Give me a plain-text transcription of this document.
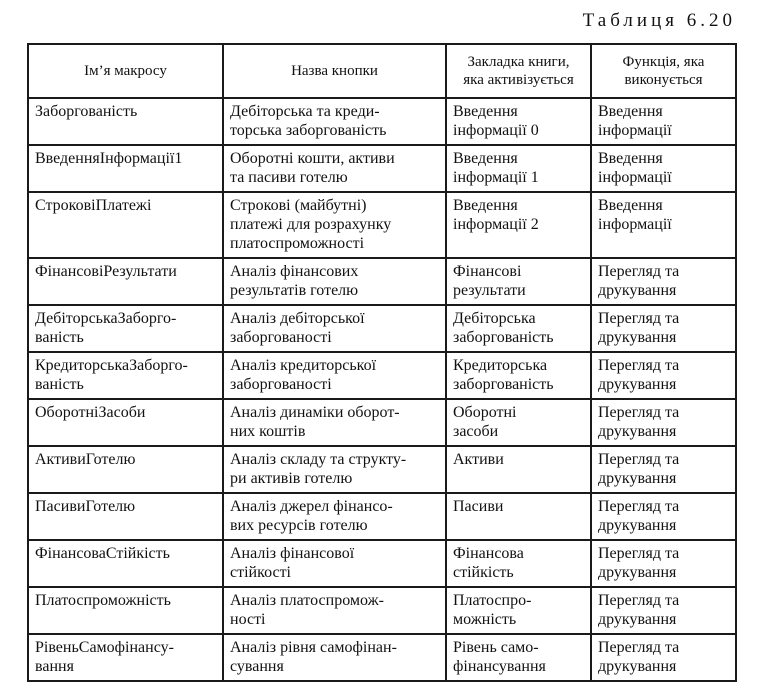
Таблиця 6.20
Ім’я макросу	Назва кнопки	Закладка книги,
яка активізується	Функція, яка
виконується

Заборгованість	Дебіторська та креди-
торська заборгованість	Введення
інформації 0	Введення
інформації

ВведенняІнформації1	Оборотні кошти, активи
та пасиви готелю	Введення
інформації 1	Введення
інформації

СтроковіПлатежі	Строкові (майбутні)
платежі для розрахунку
платоспроможності	Введення
інформації 2	Введення
інформації

ФінансовіРезультати	Аналіз фінансових
результатів готелю	Фінансові
результати	Перегляд та
друкування

ДебіторськаЗаборго-
ваність	Аналіз дебіторської
заборгованості	Дебіторська
заборгованість	Перегляд та
друкування

КредиторськаЗаборго-
ваність	Аналіз кредиторської
заборгованості	Кредиторська
заборгованість	Перегляд та
друкування

ОборотніЗасоби	Аналіз динаміки оборот-
них коштів	Оборотні
засоби	Перегляд та
друкування

АктивиГотелю	Аналіз складу та структу-
ри активів готелю	Активи	Перегляд та
друкування

ПасивиГотелю	Аналіз джерел фінансо-
вих ресурсів готелю	Пасиви	Перегляд та
друкування

ФінансоваСтійкість	Аналіз фінансової
стійкості	Фінансова
стійкість	Перегляд та
друкування

Платоспроможність	Аналіз платоспромож-
ності	Платоспро-
можність	Перегляд та
друкування

РівеньСамофінансу-
вання	Аналіз рівня самофінан-
сування	Рівень само-
фінансування	Перегляд та
друкування
